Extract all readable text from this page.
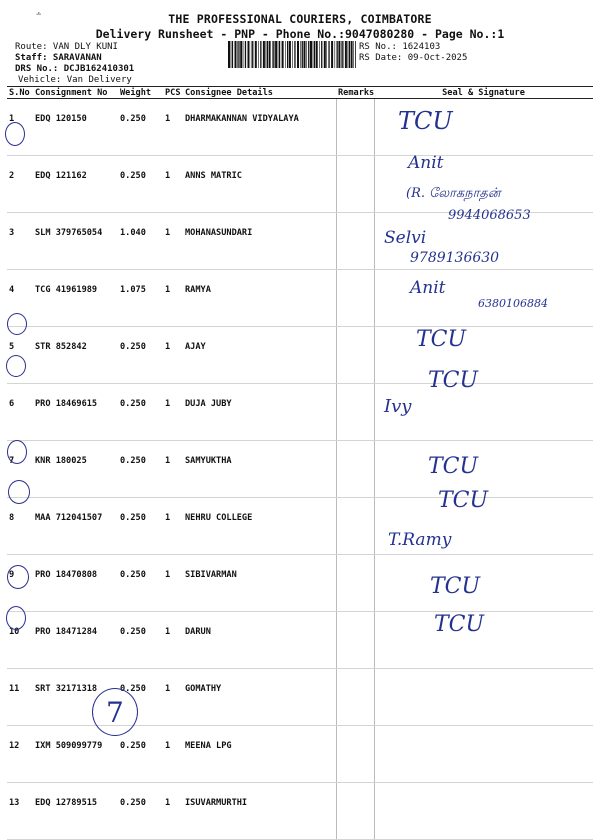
∸	THE PROFESSIONAL COURIERS, COIMBATORE
Delivery Runsheet - PNP - Phone No.:9047080280 - Page No.:1
Route: VAN DLY KUNI
Staff: SARAVANAN
DRS No.: DCJB162410301
Vehicle: Van Delivery
RS No.: 1624103
RS Date: 09-Oct-2025
S.No	Consignment No	Weight	PCS	Consignee Details	Remarks	Seal & Signature
1	EDQ 120150	0.250	1	DHARMAKANNAN VIDYALAYA		
2	EDQ 121162	0.250	1	ANNS MATRIC		
3	SLM 379765054	1.040	1	MOHANASUNDARI		
4	TCG 41961989	1.075	1	RAMYA		
5	STR 852842	0.250	1	AJAY		
6	PRO 18469615	0.250	1	DUJA JUBY		
7	KNR 180025	0.250	1	SAMYUKTHA		
8	MAA 712041507	0.250	1	NEHRU COLLEGE		
9	PRO 18470808	0.250	1	SIBIVARMAN		
10	PRO 18471284	0.250	1	DARUN		
11	SRT 32171318	0.250	1	GOMATHY		
12	IXM 509099779	0.250	1	MEENA LPG		
13	EDQ 12789515	0.250	1	ISUVARMURTHI		
TCU
Anit
(R. லோகநாதன்
9944068653
Selvi
9789136630
Anit
6380106884
TCU
TCU
Ivy
TCU
TCU
T.Ramy
TCU
TCU
7
